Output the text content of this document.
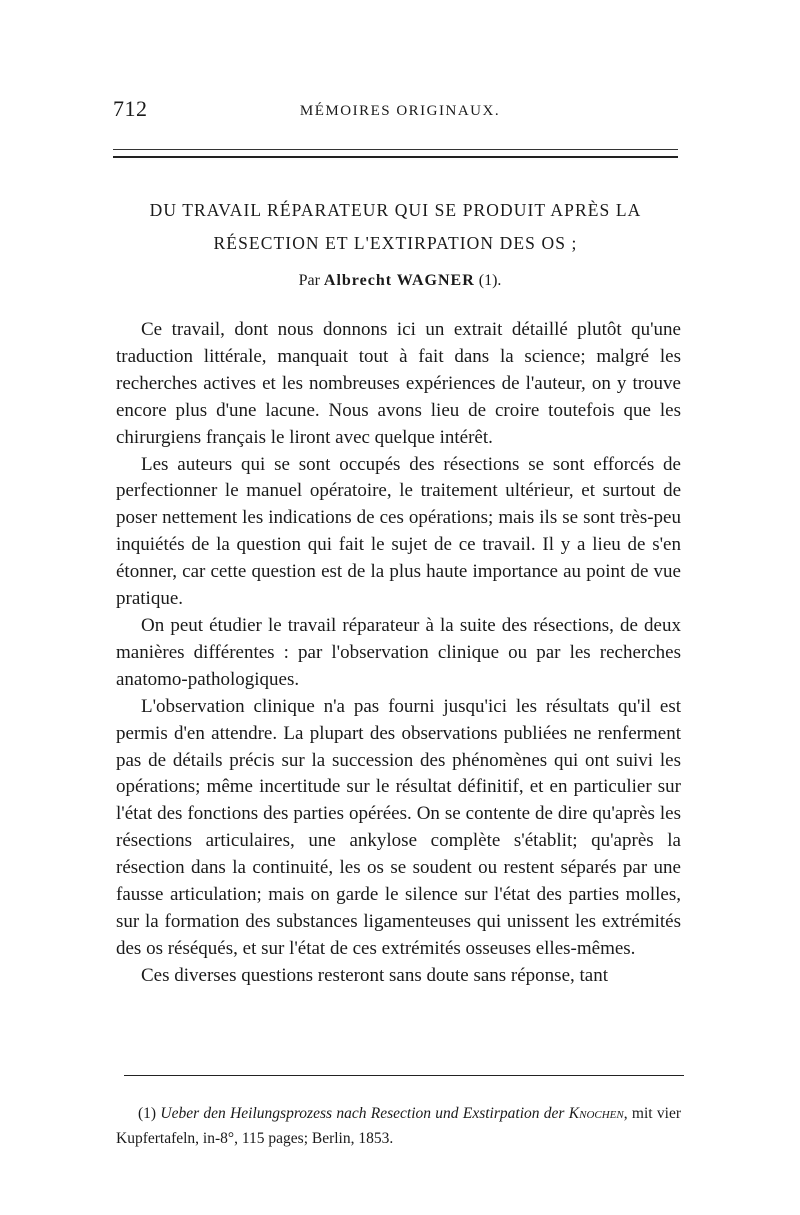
712	MÉMOIRES ORIGINAUX.
DU TRAVAIL RÉPARATEUR QUI SE PRODUIT APRÈS LA RÉSECTION ET L'EXTIRPATION DES OS ;
Par Albrecht WAGNER (1).

Ce travail, dont nous donnons ici un extrait détaillé plutôt qu'une traduction littérale, manquait tout à fait dans la science; malgré les recherches actives et les nombreuses expériences de l'auteur, on y trouve encore plus d'une lacune. Nous avons lieu de croire toutefois que les chirurgiens français le liront avec quelque intérêt.

Les auteurs qui se sont occupés des résections se sont efforcés de perfectionner le manuel opératoire, le traitement ultérieur, et surtout de poser nettement les indications de ces opérations; mais ils se sont très-peu inquiétés de la question qui fait le sujet de ce travail. Il y a lieu de s'en étonner, car cette question est de la plus haute importance au point de vue pratique.

On peut étudier le travail réparateur à la suite des résections, de deux manières différentes : par l'observation clinique ou par les recherches anatomo-pathologiques.

L'observation clinique n'a pas fourni jusqu'ici les résultats qu'il est permis d'en attendre. La plupart des observations publiées ne renferment pas de détails précis sur la succession des phénomènes qui ont suivi les opérations; même incertitude sur le résultat définitif, et en particulier sur l'état des fonctions des parties opérées. On se contente de dire qu'après les résections articulaires, une ankylose complète s'établit; qu'après la résection dans la continuité, les os se soudent ou restent séparés par une fausse articulation; mais on garde le silence sur l'état des parties molles, sur la formation des substances ligamenteuses qui unissent les extrémités des os réséqués, et sur l'état de ces extrémités osseuses elles-mêmes.

Ces diverses questions resteront sans doute sans réponse, tant

(1) Ueber den Heilungsprozess nach Resection und Exstirpation der Knochen, mit vier Kupfertafeln, in-8°, 115 pages; Berlin, 1853.
